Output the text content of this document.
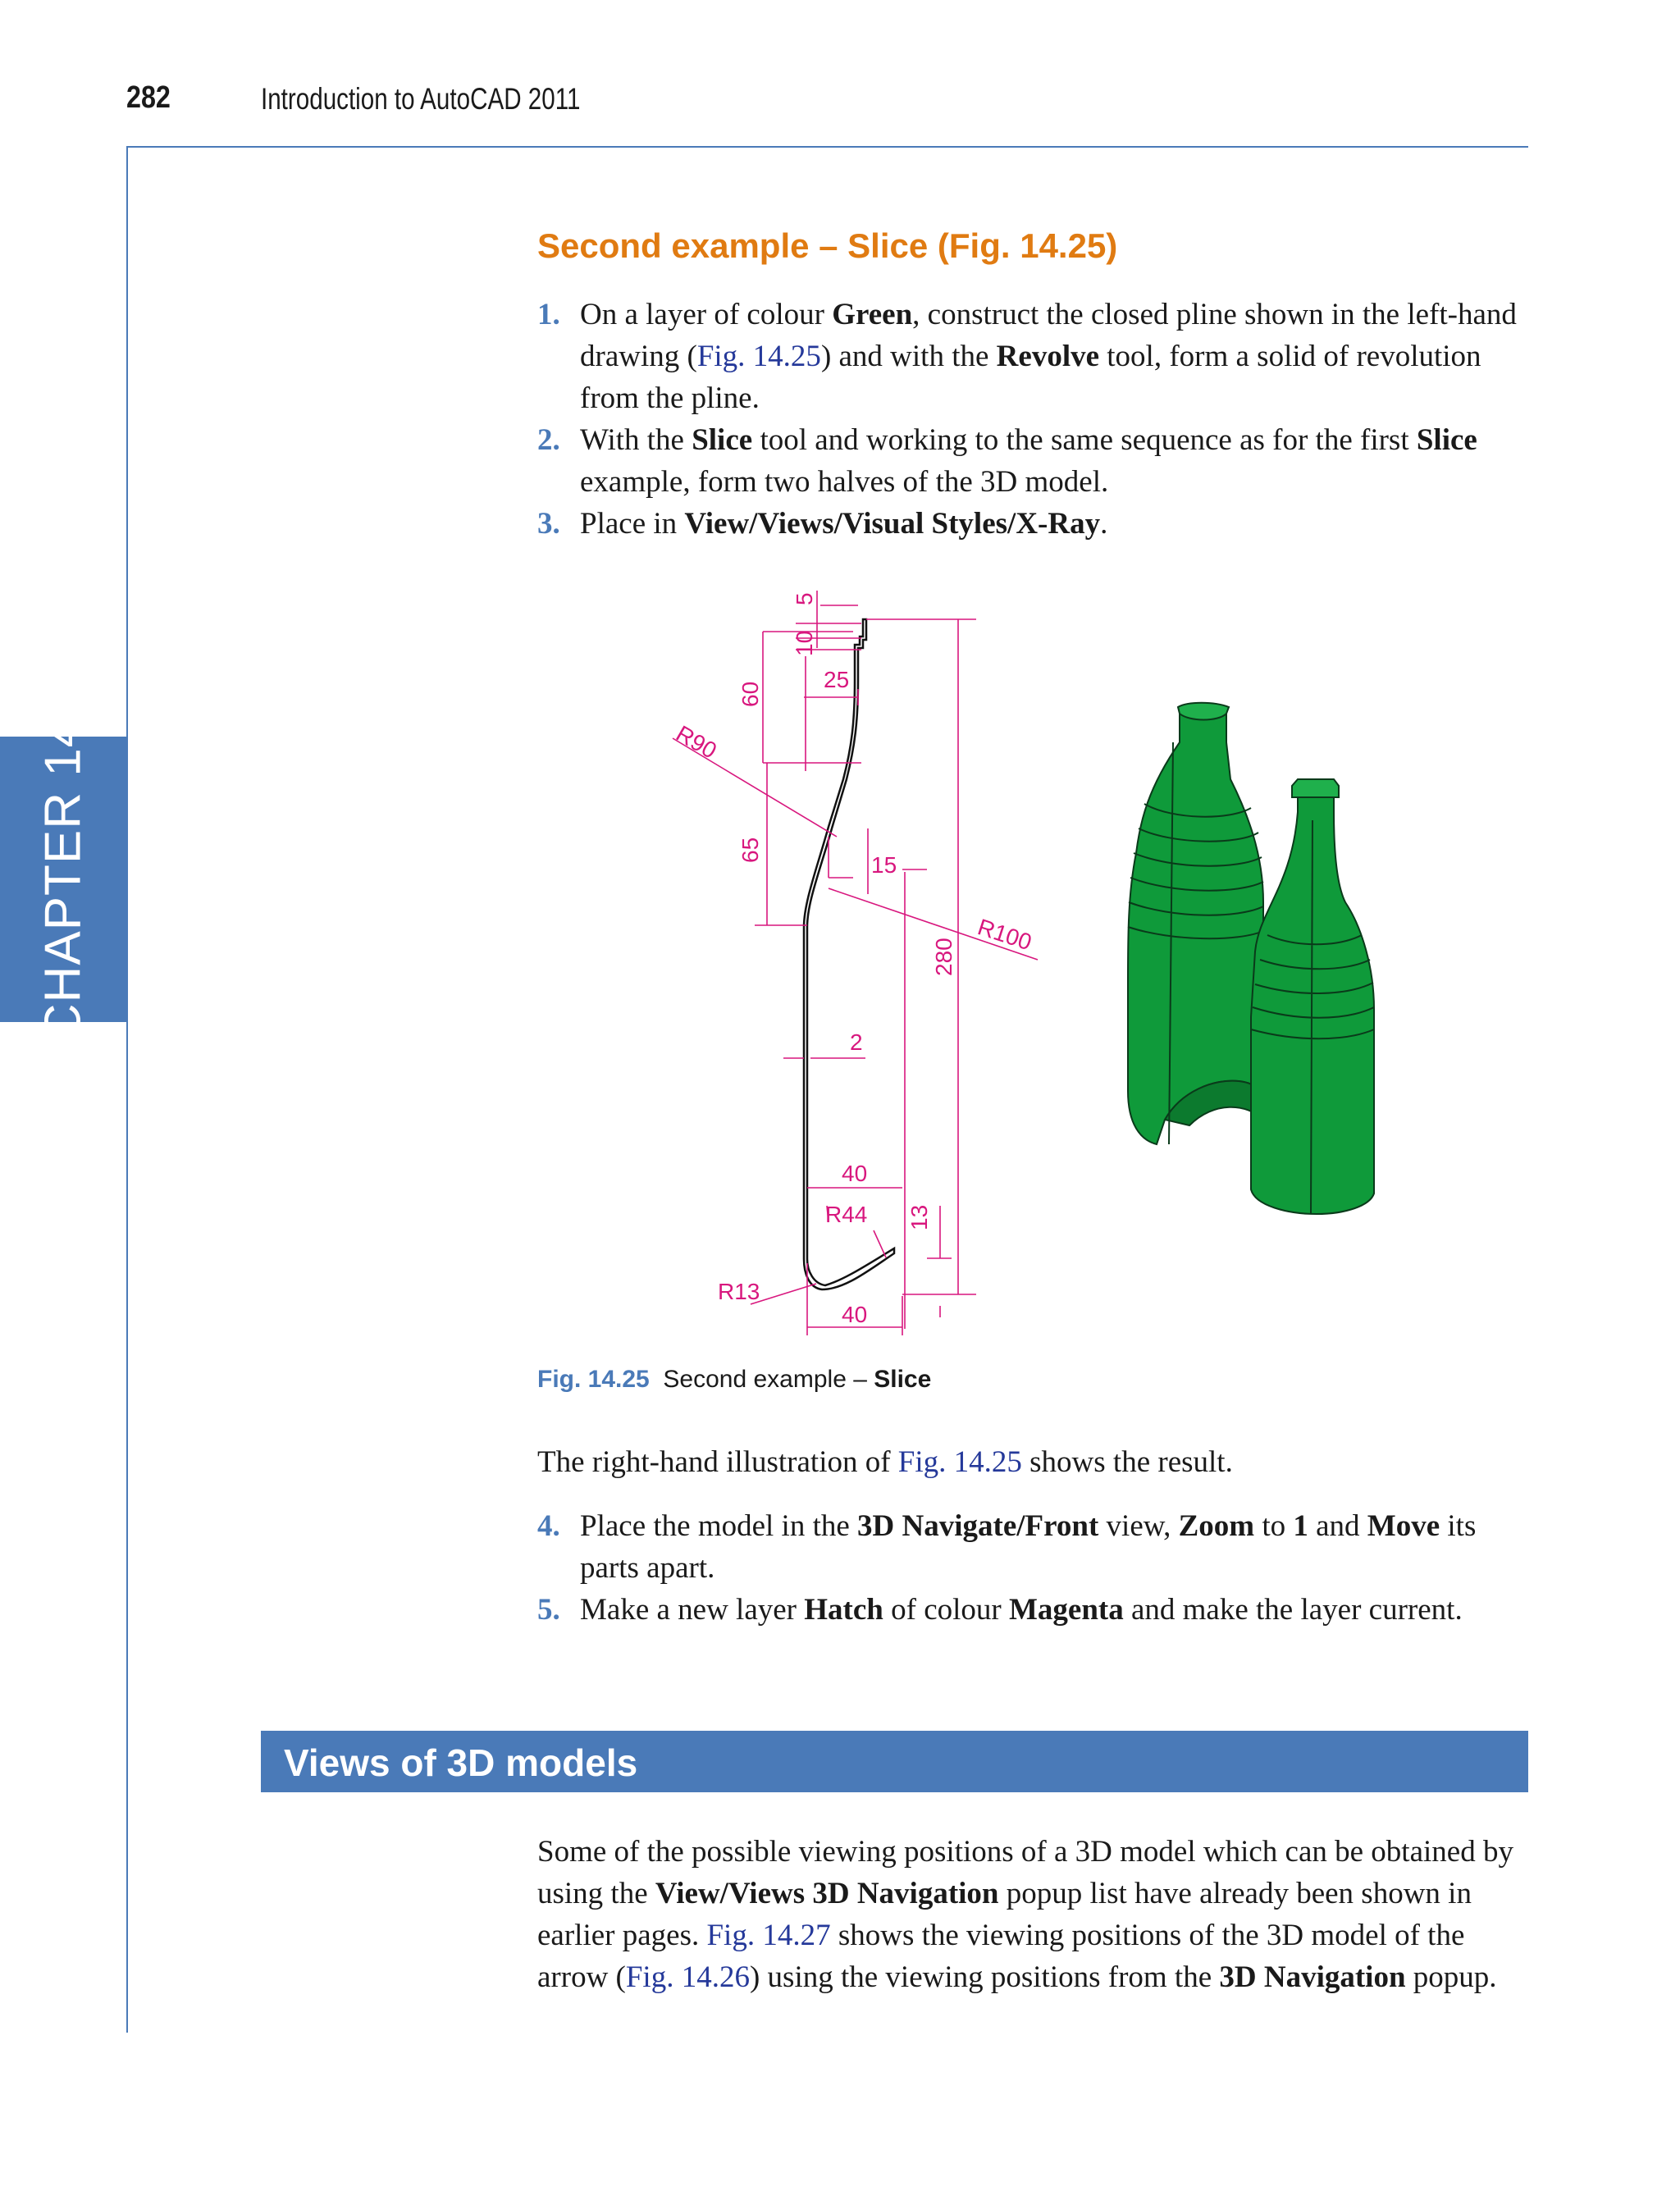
282	Introduction to AutoCAD 2011
CHAPTER 14
Second example – Slice (Fig. 14.25)
1. On a layer of colour Green, construct the closed pline shown in the left-hand drawing (Fig. 14.25) and with the Revolve tool, form a solid of revolution from the pline.
2. With the Slice tool and working to the same sequence as for the first Slice example, form two halves of the 3D model.
3. Place in View/Views/Visual Styles/X-Ray.
5
10
25
60
R90
65
15
R100
280
2
40
R44 13
R13
40
Fig. 14.25 Second example – Slice
The right-hand illustration of Fig. 14.25 shows the result.
4. Place the model in the 3D Navigate/Front view, Zoom to 1 and Move its parts apart.
5. Make a new layer Hatch of colour Magenta and make the layer current.
Views of 3D models
Some of the possible viewing positions of a 3D model which can be obtained by using the View/Views 3D Navigation popup list have already been shown in earlier pages. Fig. 14.27 shows the viewing positions of the 3D model of the arrow (Fig. 14.26) using the viewing positions from the 3D Navigation popup.
